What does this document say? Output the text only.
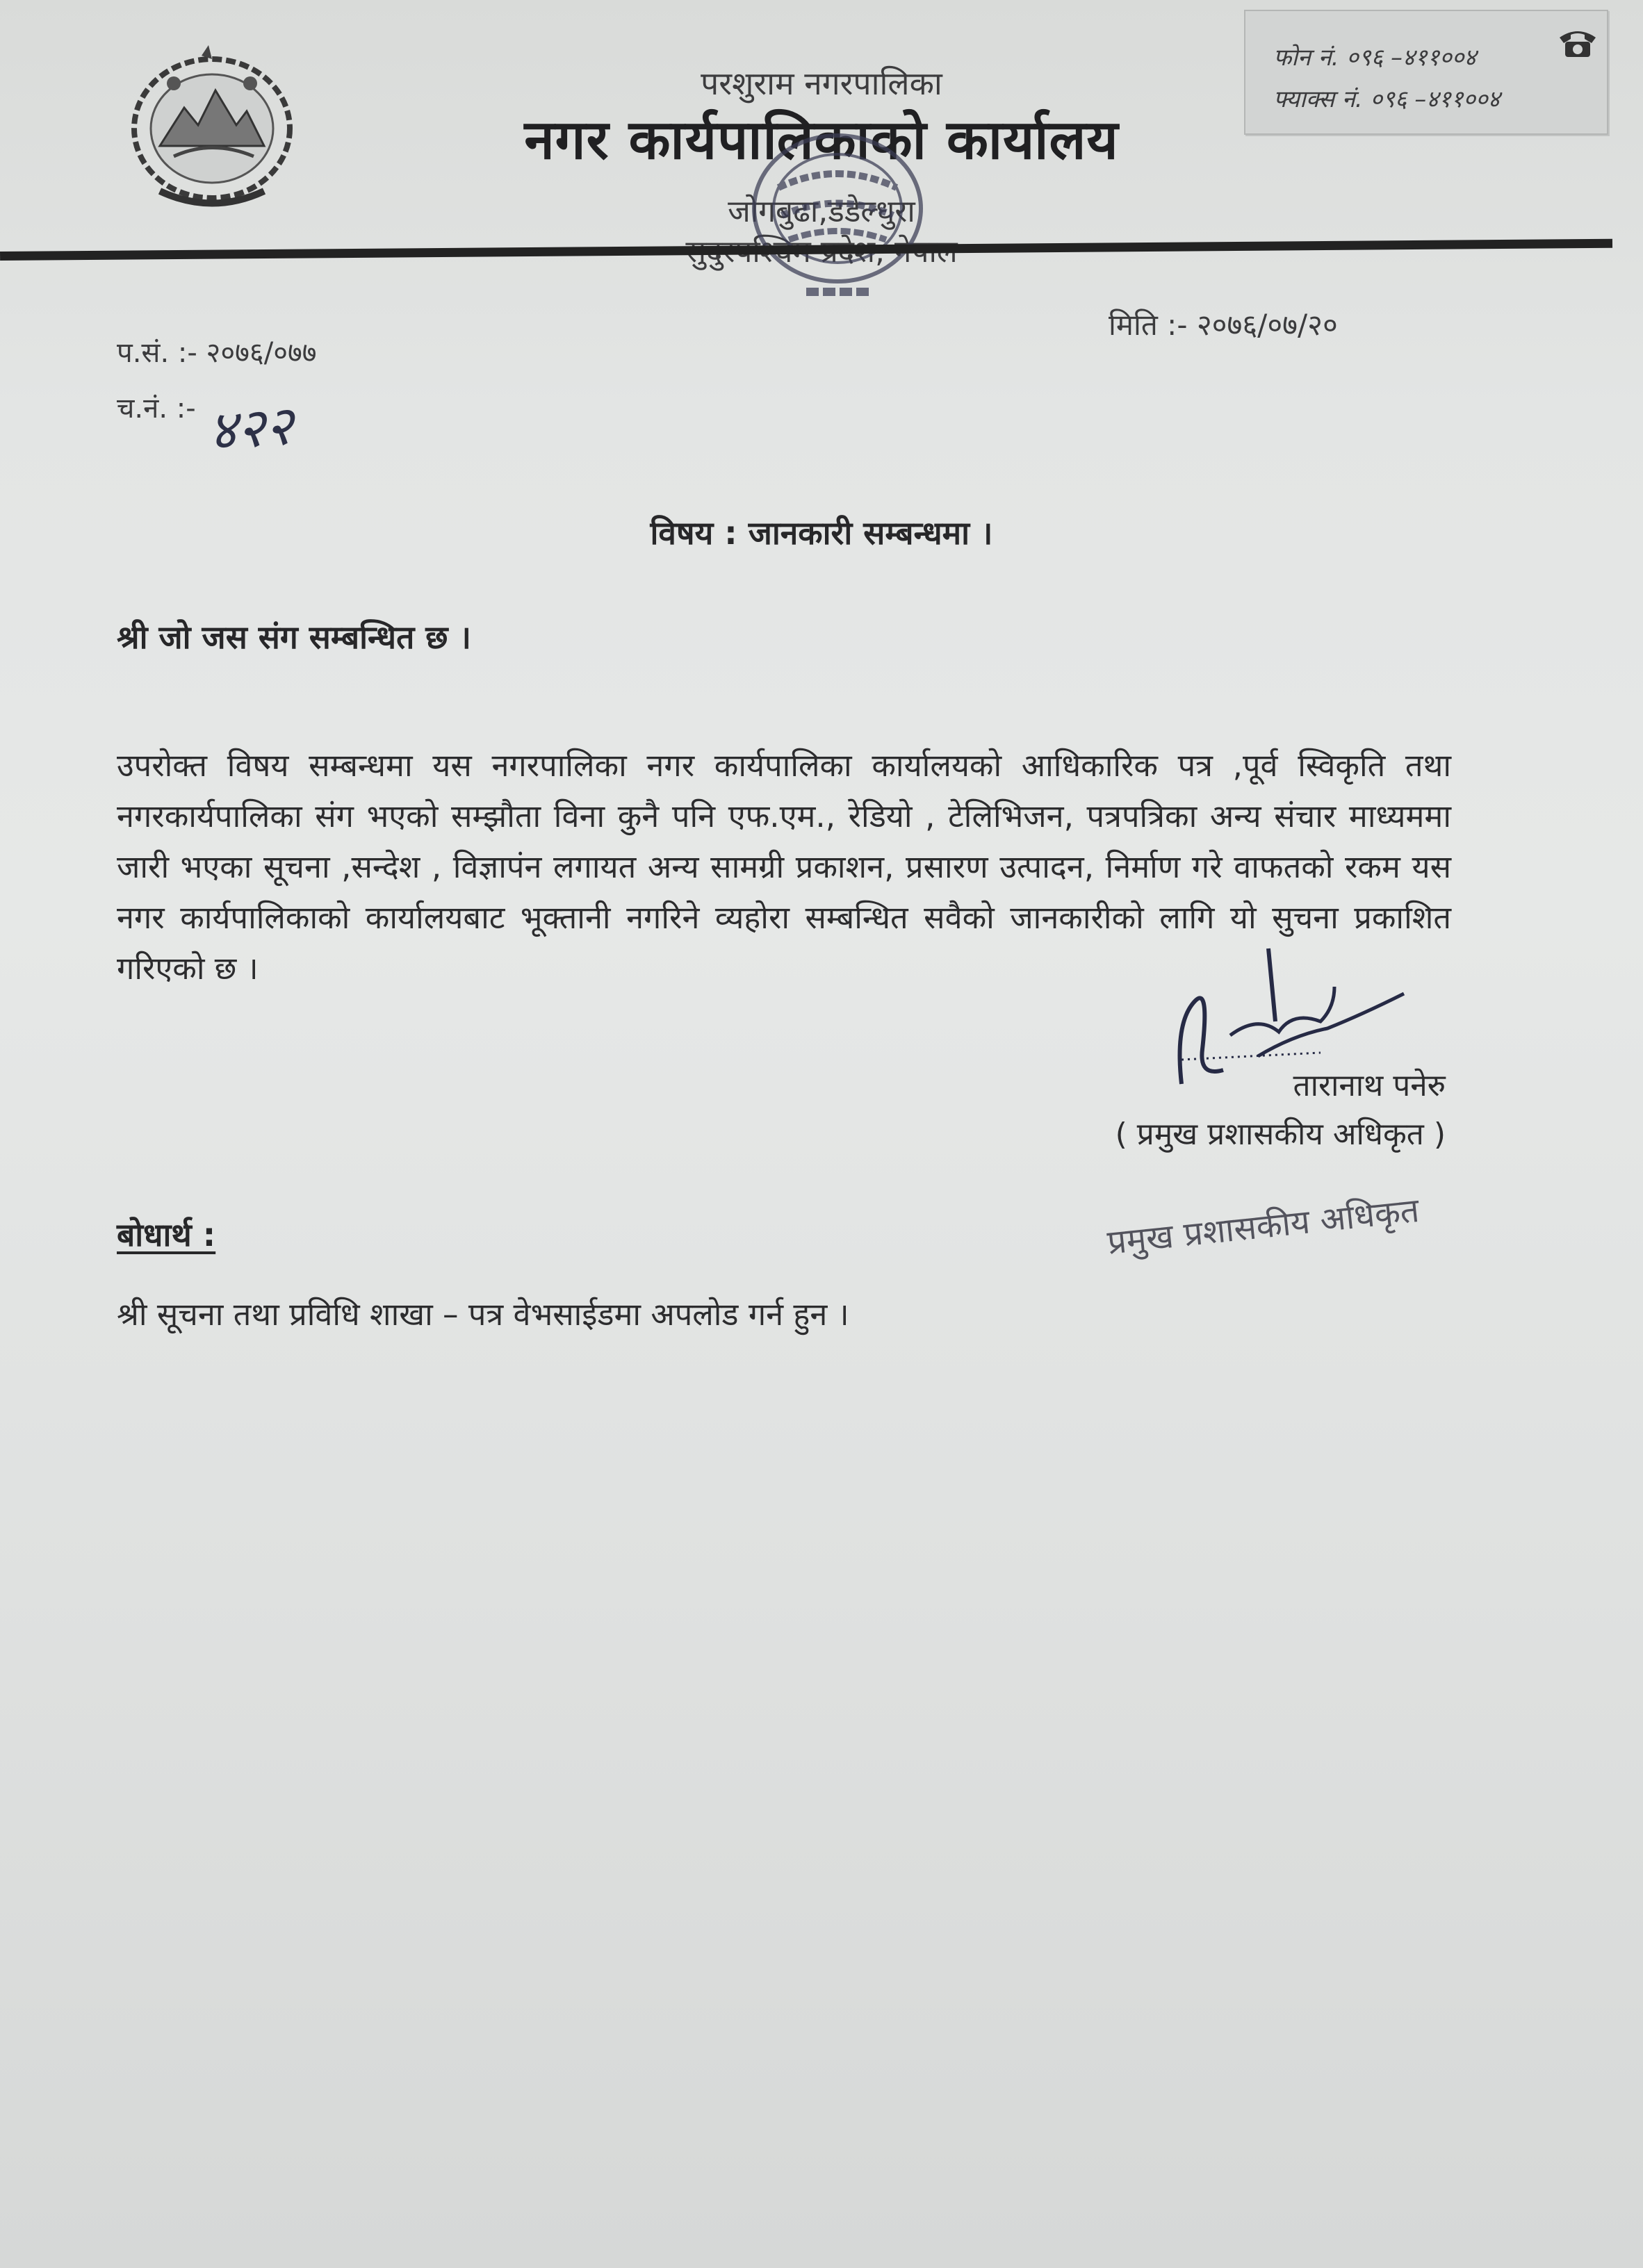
परशुराम नगरपालिका
नगर कार्यपालिकाको कार्यालय
जोगबुढा,डडेल्धुरा
फोन नं. ०९६ –४११००४
फ्याक्स नं. ०९६ –४११००४
प.सं. :- २०७६/०७७
च.नं. :- ४२२
मिति :- २०७६/०७/२०
विषय : जानकारी सम्बन्धमा ।
श्री जो जस संग सम्बन्धित छ ।
उपरोक्त विषय सम्बन्धमा यस नगरपालिका नगर कार्यपालिका कार्यालयको आधिकारिक पत्र ,पूर्व स्विकृति तथा नगरकार्यपालिका संग भएको सम्झौता विना कुनै पनि एफ.एम., रेडियो , टेलिभिजन, पत्रपत्रिका अन्य संचार माध्यममा जारी भएका सूचना ,सन्देश , विज्ञापंन लगायत अन्य सामग्री प्रकाशन, प्रसारण उत्पादन, निर्माण गरे वाफतको रकम यस नगर कार्यपालिकाको कार्यालयबाट भूक्तानी नगरिने व्यहोरा सम्बन्धित सवैको जानकारीको लागि यो सुचना प्रकाशित गरिएको छ ।
तारानाथ पनेरु
( प्रमुख प्रशासकीय अधिकृत )
प्रमुख प्रशासकीय अधिकृत
बोधार्थ :
श्री सूचना तथा प्रविधि शाखा – पत्र वेभसाईडमा अपलोड गर्न हुन ।
